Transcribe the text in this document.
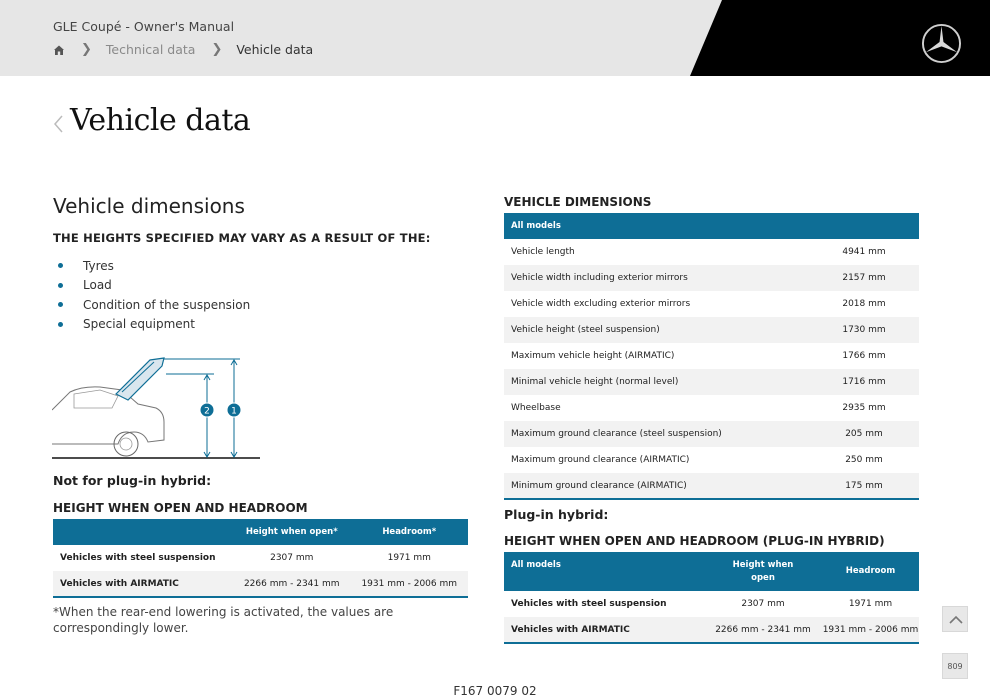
GLE Coupé - Owner's Manual
❯ Technical data ❯ Vehicle data
Vehicle data
Vehicle dimensions
THE HEIGHTS SPECIFIED MAY VARY AS A RESULT OF THE:
Tyres
Load
Condition of the suspension
Special equipment
2 1
Not for plug-in hybrid:
HEIGHT WHEN OPEN AND HEADROOM
	Height when open*	Headroom*
Vehicles with steel suspension	2307 mm	1971 mm
Vehicles with AIRMATIC	2266 mm - 2341 mm	1931 mm - 2006 mm

*When the rear-end lowering is activated, the values are correspondingly lower.

VEHICLE DIMENSIONS
All models	
Vehicle length	4941 mm
Vehicle width including exterior mirrors	2157 mm
Vehicle width excluding exterior mirrors	2018 mm
Vehicle height (steel suspension)	1730 mm
Maximum vehicle height (AIRMATIC)	1766 mm
Minimal vehicle height (normal level)	1716 mm
Wheelbase	2935 mm
Maximum ground clearance (steel suspension)	205 mm
Maximum ground clearance (AIRMATIC)	250 mm
Minimum ground clearance (AIRMATIC)	175 mm
Plug-in hybrid:
HEIGHT WHEN OPEN AND HEADROOM (PLUG-IN HYBRID)
All models	Height when open	Headroom
Vehicles with steel suspension	2307 mm	1971 mm
Vehicles with AIRMATIC	2266 mm - 2341 mm	1931 mm - 2006 mm
809
F167 0079 02
